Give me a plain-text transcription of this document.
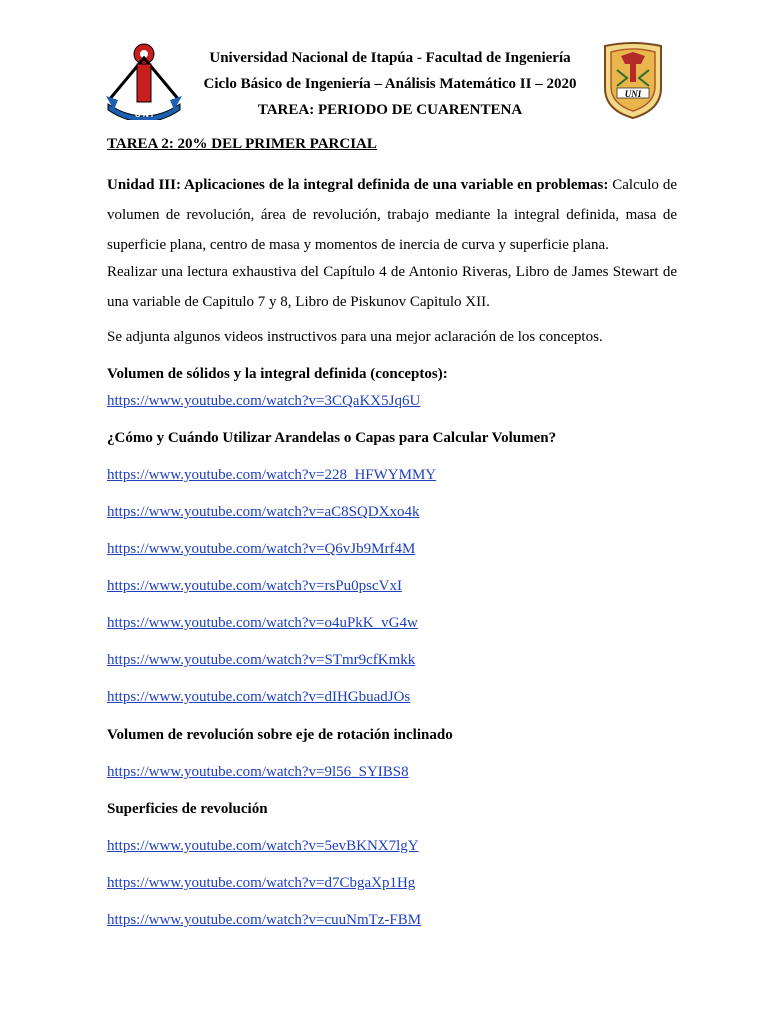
U N I
Universidad Nacional de Itapúa - Facultad de Ingeniería
Ciclo Básico de Ingeniería – Análisis Matemático II – 2020
TAREA: PERIODO DE CUARENTENA
UNI
TAREA 2: 20% DEL PRIMER PARCIAL
Unidad III: Aplicaciones de la integral definida de una variable en problemas: Calculo de volumen de revolución, área de revolución, trabajo mediante la integral definida, masa de superficie plana, centro de masa y momentos de inercia de curva y superficie plana.
Realizar una lectura exhaustiva del Capítulo 4 de Antonio Riveras, Libro de James Stewart de una variable de Capitulo 7 y 8, Libro de Piskunov Capitulo XII.
Se adjunta algunos videos instructivos para una mejor aclaración de los conceptos.
Volumen de sólidos y la integral definida (conceptos):
https://www.youtube.com/watch?v=3CQaKX5Jq6U
¿Cómo y Cuándo Utilizar Arandelas o Capas para Calcular Volumen?
https://www.youtube.com/watch?v=228_HFWYMMY
https://www.youtube.com/watch?v=aC8SQDXxo4k
https://www.youtube.com/watch?v=Q6vJb9Mrf4M
https://www.youtube.com/watch?v=rsPu0pscVxI
https://www.youtube.com/watch?v=o4uPkK_vG4w
https://www.youtube.com/watch?v=STmr9cfKmkk
https://www.youtube.com/watch?v=dIHGbuadJOs
Volumen de revolución sobre eje de rotación inclinado
https://www.youtube.com/watch?v=9l56_SYIBS8
Superficies de revolución
https://www.youtube.com/watch?v=5evBKNX7lgY
https://www.youtube.com/watch?v=d7CbgaXp1Hg
https://www.youtube.com/watch?v=cuuNmTz-FBM
